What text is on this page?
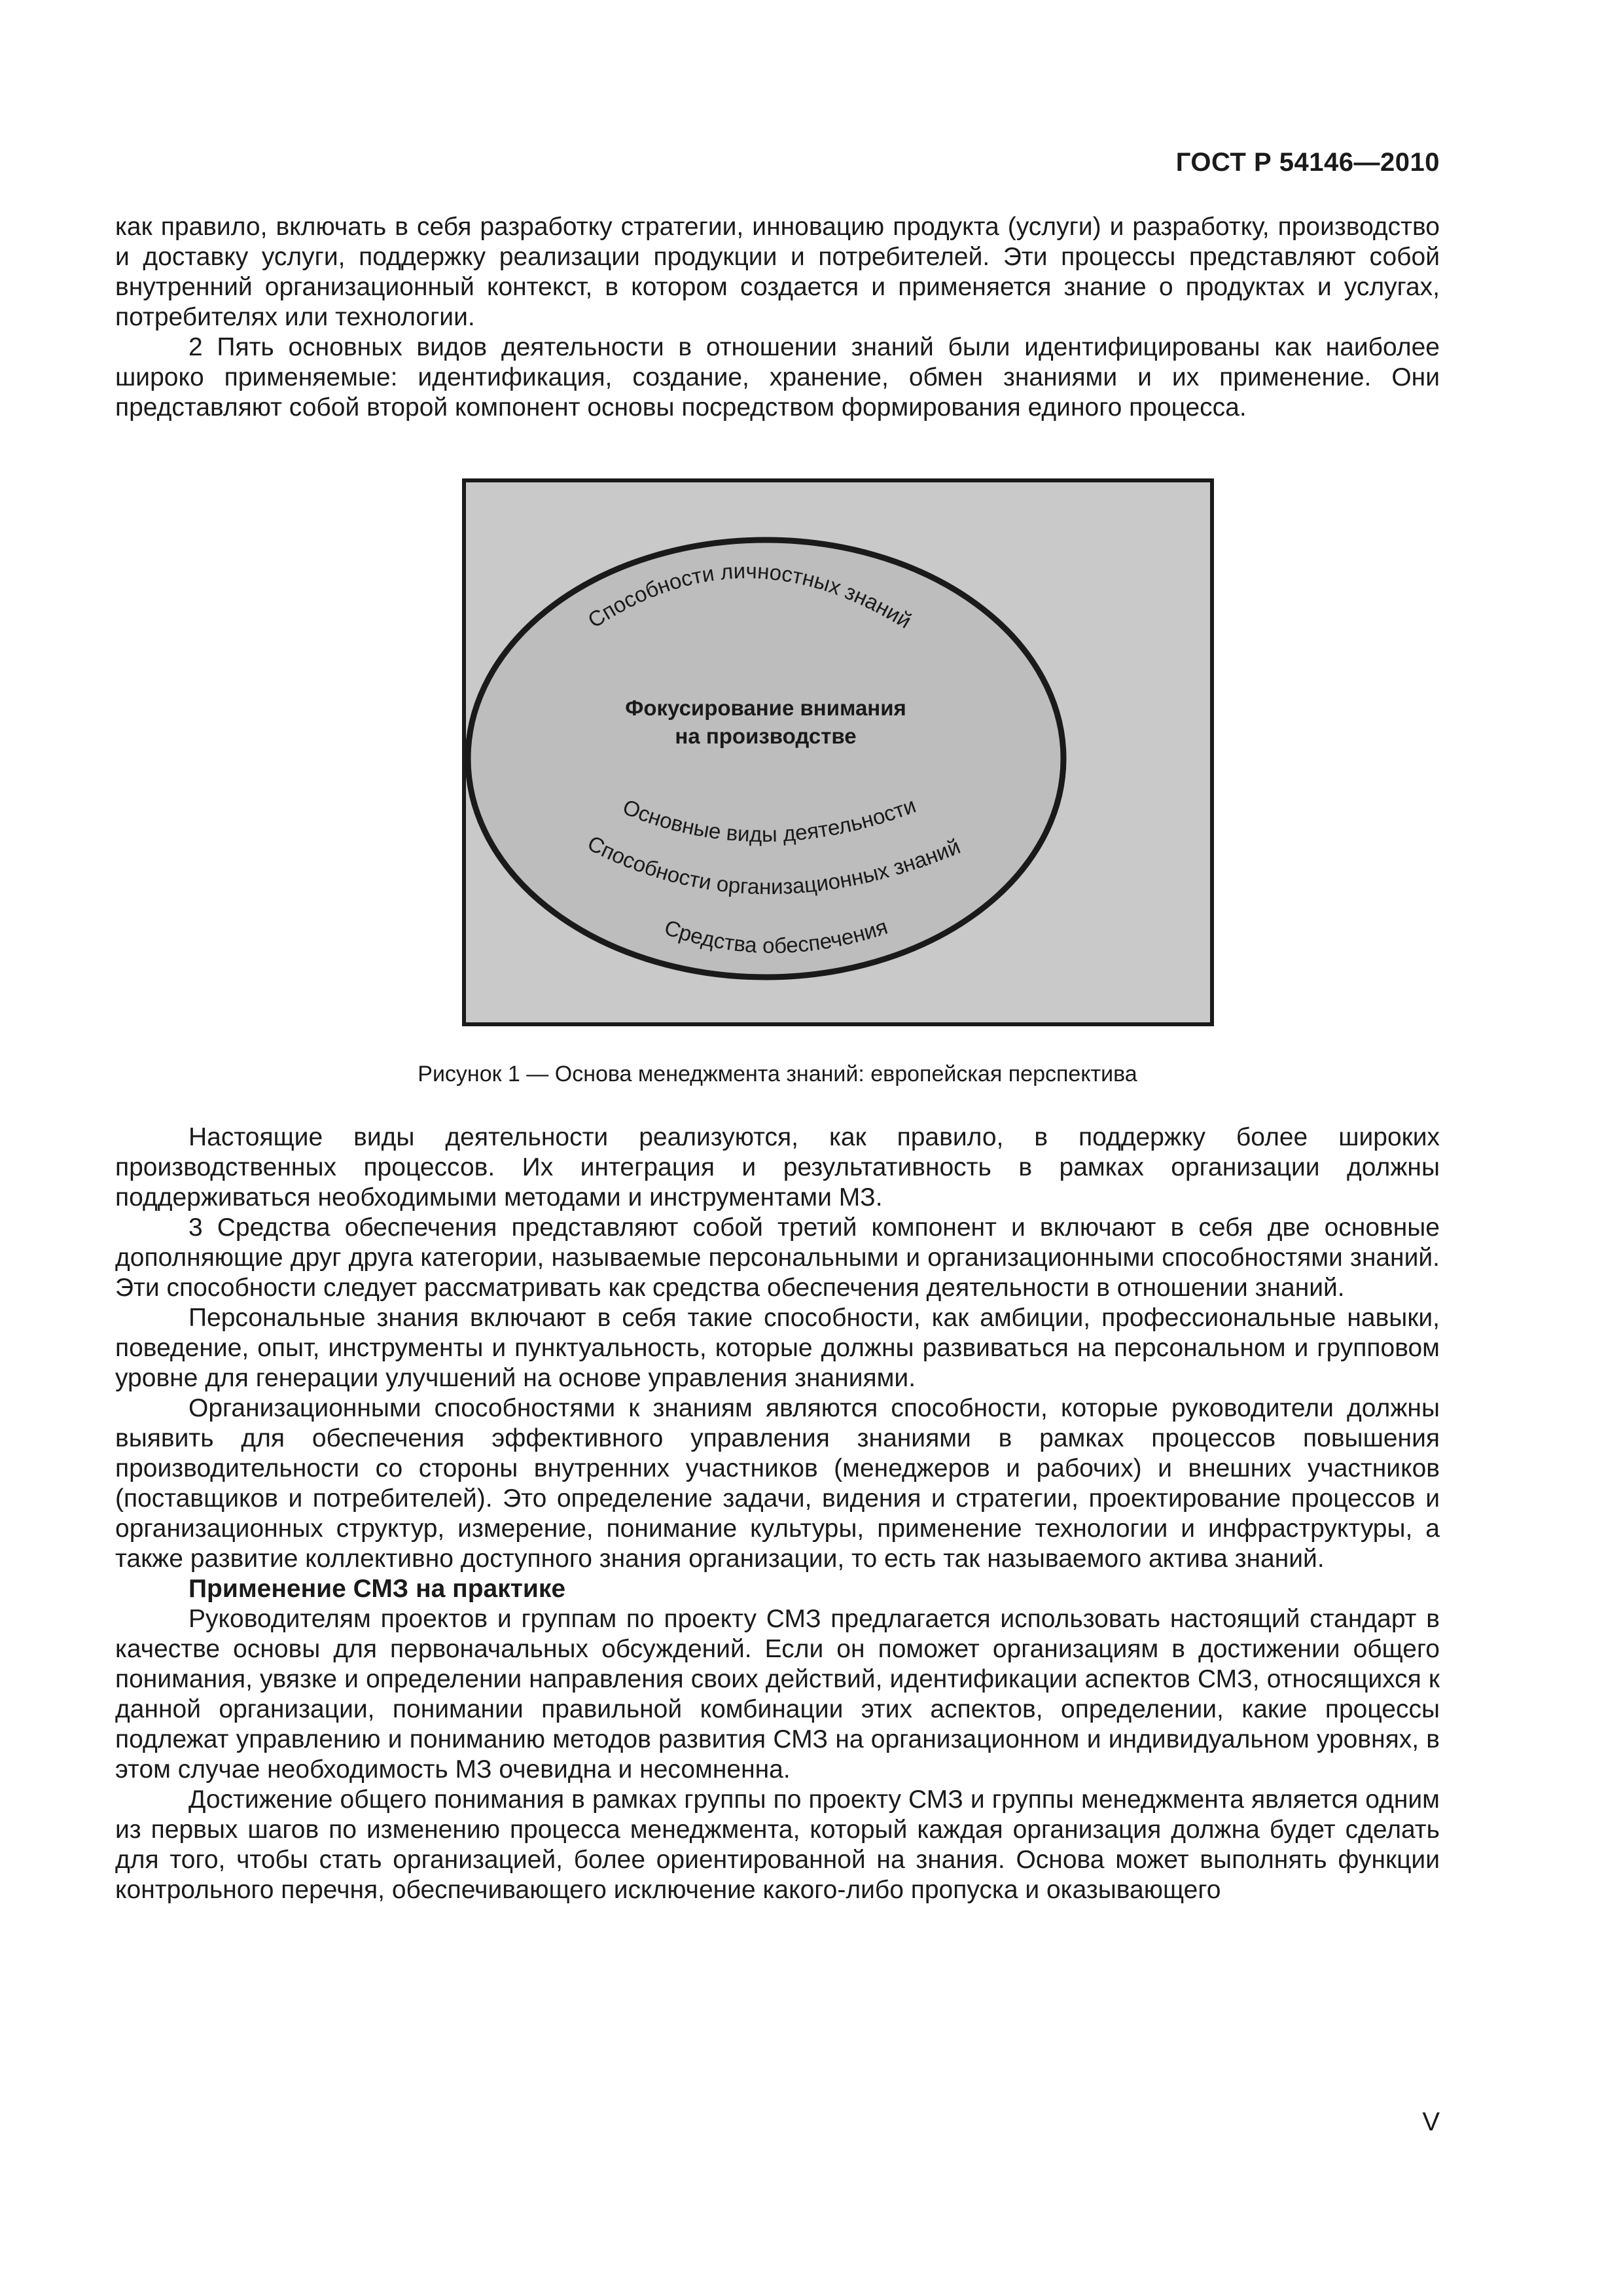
ГОСТ Р 54146—2010

как правило, включать в себя разработку стратегии, инновацию продукта (услуги) и разработку, производство и доставку услуги, поддержку реализации продукции и потребителей. Эти процессы представляют собой внутренний организационный контекст, в котором создается и применяется знание о продуктах и услугах, потребителях или технологии.

2 Пять основных видов деятельности в отношении знаний были идентифицированы как наиболее широко применяемые: идентификация, создание, хранение, обмен знаниями и их применение. Они представляют собой второй компонент основы посредством формирования единого процесса.

Способности личностных знаний
Фокусирование внимания
на производстве
Основные виды деятельности
Способности организационных знаний
Средства обеспечения
Рисунок 1 — Основа менеджмента знаний: европейская перспектива

Настоящие виды деятельности реализуются, как правило, в поддержку более широких производственных процессов. Их интеграция и результативность в рамках организации должны поддерживаться необходимыми методами и инструментами МЗ.

3 Средства обеспечения представляют собой третий компонент и включают в себя две основные дополняющие друг друга категории, называемые персональными и организационными способностями знаний. Эти способности следует рассматривать как средства обеспечения деятельности в отношении знаний.

Персональные знания включают в себя такие способности, как амбиции, профессиональные навыки, поведение, опыт, инструменты и пунктуальность, которые должны развиваться на персональном и групповом уровне для генерации улучшений на основе управления знаниями.

Организационными способностями к знаниям являются способности, которые руководители должны выявить для обеспечения эффективного управления знаниями в рамках процессов повышения производительности со стороны внутренних участников (менеджеров и рабочих) и внешних участников (поставщиков и потребителей). Это определение задачи, видения и стратегии, проектирование процессов и организационных структур, измерение, понимание культуры, применение технологии и инфраструктуры, а также развитие коллективно доступного знания организации, то есть так называемого актива знаний.

Применение СМЗ на практике

Руководителям проектов и группам по проекту СМЗ предлагается использовать настоящий стандарт в качестве основы для первоначальных обсуждений. Если он поможет организациям в достижении общего понимания, увязке и определении направления своих действий, идентификации аспектов СМЗ, относящихся к данной организации, понимании правильной комбинации этих аспектов, определении, какие процессы подлежат управлению и пониманию методов развития СМЗ на организационном и индивидуальном уровнях, в этом случае необходимость МЗ очевидна и несомненна.

Достижение общего понимания в рамках группы по проекту СМЗ и группы менеджмента является одним из первых шагов по изменению процесса менеджмента, который каждая организация должна будет сделать для того, чтобы стать организацией, более ориентированной на знания. Основа может выполнять функции контрольного перечня, обеспечивающего исключение какого-либо пропуска и оказывающего

V
